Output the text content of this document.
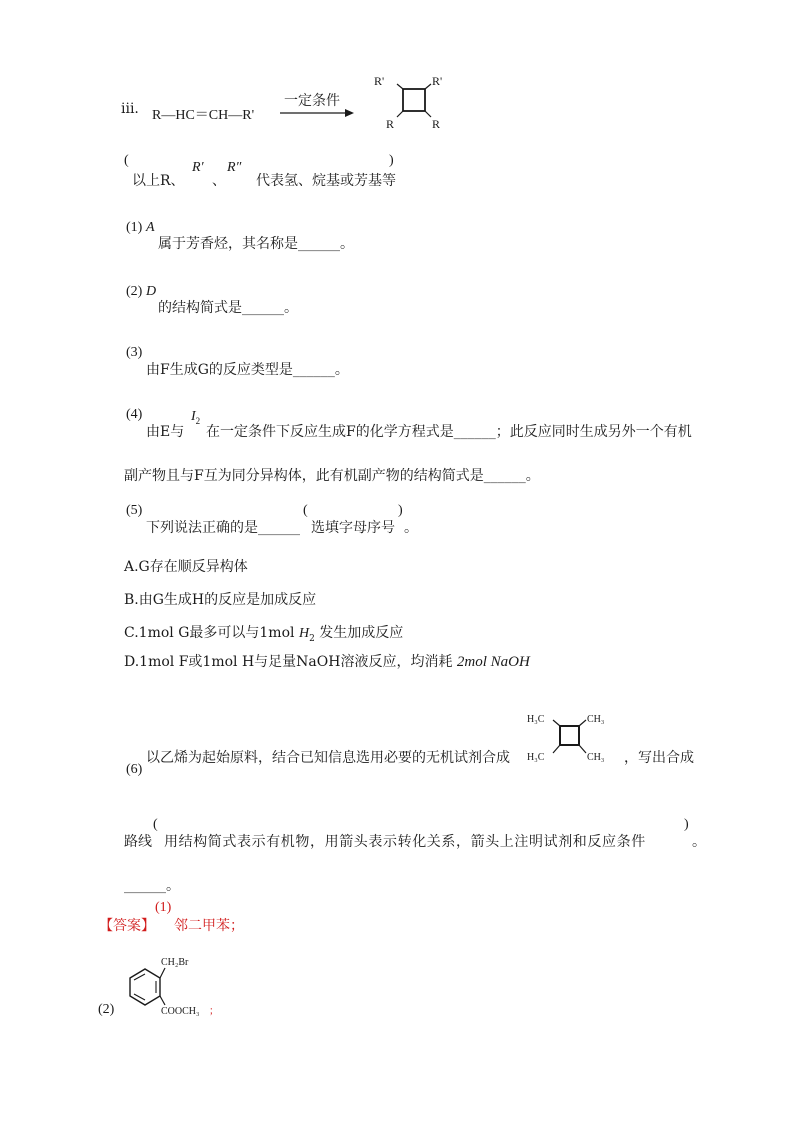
iii. R—HC＝CH—R'
一定条件
R'	R'
R	R
(
以上R、
R′
、
R″
代表氢、烷基或芳基等
)
(1) A
属于芳香烃，其名称是______。
(2) D
的结构简式是______。
(3)
由F生成G的反应类型是______。
(4)
由E与
$I_2$
在一定条件下反应生成F的化学方程式是______；此反应同时生成另外一个有机
副产物且与F互为同分异构体，此有机副产物的结构简式是______。
(5)
下列说法正确的是______
(
选填字母序号
)
。
A.G存在顺反异构体
B.由G生成H的反应是加成反应
C.1mol G最多可以与1mol $H_2$ 发生加成反应
D.1mol F或1mol H与足量NaOH溶液反应，均消耗 2mol NaOH
(6)
以乙烯为起始原料，结合已知信息选用必要的无机试剂合成
H₃C	CH₃
H₃C	CH₃ ，写出合成
路线
(
用结构简式表示有机物，用箭头表示转化关系，箭头上注明试剂和反应条件
)
。
______。
【答案】
(1)
邻二甲苯；
(2)
CH₂Br
COOCH₃ ；
